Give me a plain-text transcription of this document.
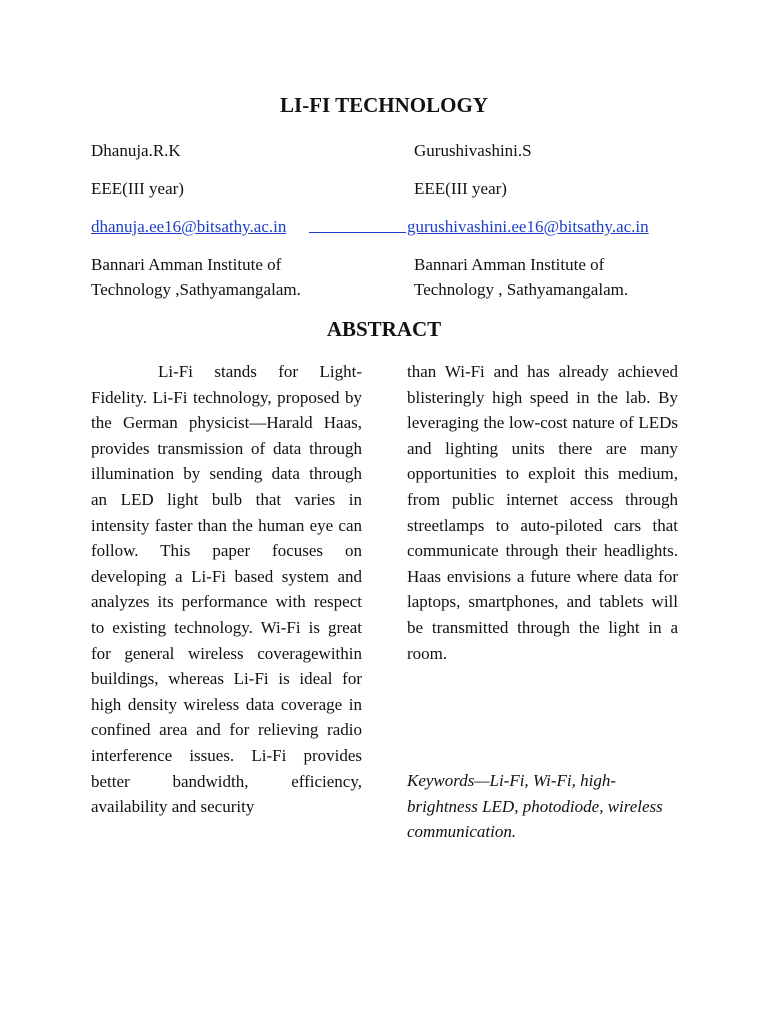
LI-FI TECHNOLOGY
Dhanuja.R.K
EEE(III year)
dhanuja.ee16@bitsathy.ac.in
Bannari Amman Institute of
Technology ,Sathyamangalam.
Gurushivashini.S
EEE(III year)
gurushivashini.ee16@bitsathy.ac.in
Bannari Amman Institute of
Technology , Sathyamangalam.
ABSTRACT

Li-Fi stands for Light-Fidelity. Li-Fi technology, proposed by the German physicist—Harald Haas, provides transmission of data through illumination by sending data through an LED light bulb that varies in intensity faster than the human eye can follow. This paper focuses on developing a Li-Fi based system and analyzes its performance with respect to existing technology. Wi-Fi is great for general wireless coveragewithin buildings, whereas Li-Fi is ideal for high density wireless data coverage in confined area and for relieving radio interference issues. Li-Fi provides better bandwidth, efficiency, availability and security

than Wi-Fi and has already achieved blisteringly high speed in the lab. By leveraging the low-cost nature of LEDs and lighting units there are many opportunities to exploit this medium, from public internet access through streetlamps to auto-piloted cars that communicate through their headlights. Haas envisions a future where data for laptops, smartphones, and tablets will be transmitted through the light in a room.

Keywords—Li-Fi, Wi-Fi, high-brightness LED, photodiode, wireless communication.
